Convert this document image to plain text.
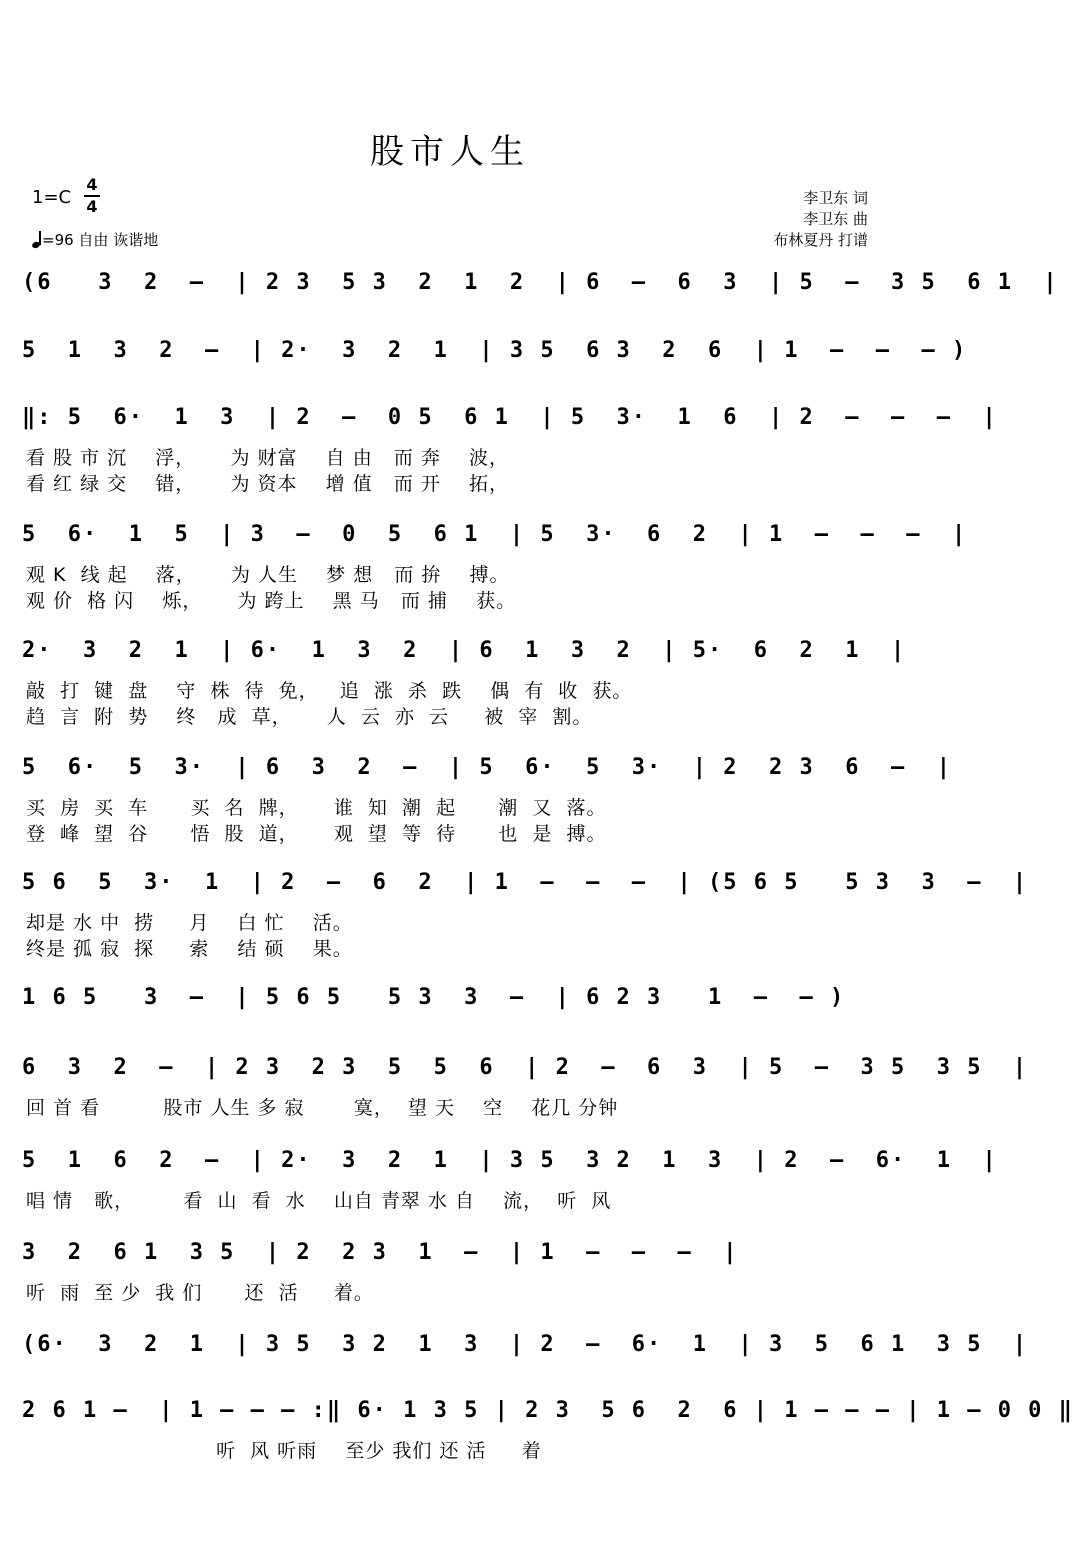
股市人生
1=C
4
4
=96 自由 诙谐地
李卫东 词
李卫东 曲
布林夏丹 打谱
(6   3  2  –  | 2 3  5 3  2  1  2  | 6  –  6  3  | 5  –  3 5  6 1  |
5  1  3  2  –  | 2·  3  2  1  | 3 5  6 3  2  6  | 1  –  –  – )
‖: 5  6·  1  3  | 2  –  0 5  6 1  | 5  3·  1  6  | 2  –  –  –  |
看 股 市 沉    浮，     为 财富    自 由   而 奔    波，
看 红 绿 交    错，     为 资本    增 值   而 开    拓，
5  6·  1  5  | 3  –  0  5  6 1  | 5  3·  6  2  | 1  –  –  –  |
观 K  线 起    落，     为 人生    梦 想   而 拚    搏。
观 价  格 闪    烁，     为 跨上    黑 马   而 捕    获。
2·  3  2  1  | 6·  1  3  2  | 6  1  3  2  | 5·  6  2  1  |
敲  打  键  盘    守  株  待  免，   追  涨  杀  跌    偶  有  收  获。
趋  言  附  势    终   成  草，     人  云  亦  云     被  宰  割。
5  6·  5  3·  | 6  3  2  –  | 5  6·  5  3·  | 2  2 3  6  –  |
买  房  买  车      买  名  牌，     谁  知  潮  起      潮  又  落。
登  峰  望  谷      悟  股  道，     观  望  等  待      也  是  搏。
5 6  5  3·  1  | 2  –  6  2  | 1  –  –  –  | (5 6 5   5 3  3  –  |
却是 水 中  捞     月    白 忙    活。
终是 孤 寂  探     索    结 硕    果。
1 6 5   3  –  | 5 6 5   5 3  3  –  | 6 2 3   1  –  – )
6  3  2  –  | 2 3  2 3  5  5  6  | 2  –  6  3  | 5  –  3 5  3 5  |
回 首 看         股市 人生 多 寂       寞，  望 天    空    花几 分钟
5  1  6  2  –  | 2·  3  2  1  | 3 5  3 2  1  3  | 2  –  6·  1  |
唱 情   歌，       看  山  看  水    山自 青翠 水 自    流，  听  风
3  2  6 1  3 5  | 2  2 3  1  –  | 1  –  –  –  |
听  雨  至 少  我 们      还  活     着。
(6·  3  2  1  | 3 5  3 2  1  3  | 2  –  6·  1  | 3  5  6 1  3 5  |
2 6 1 –  | 1 – – – :‖ 6· 1 3 5 | 2 3  5 6  2  6 | 1 – – – | 1 – 0 0 ‖
听  风 听雨    至少 我们 还 活     着
